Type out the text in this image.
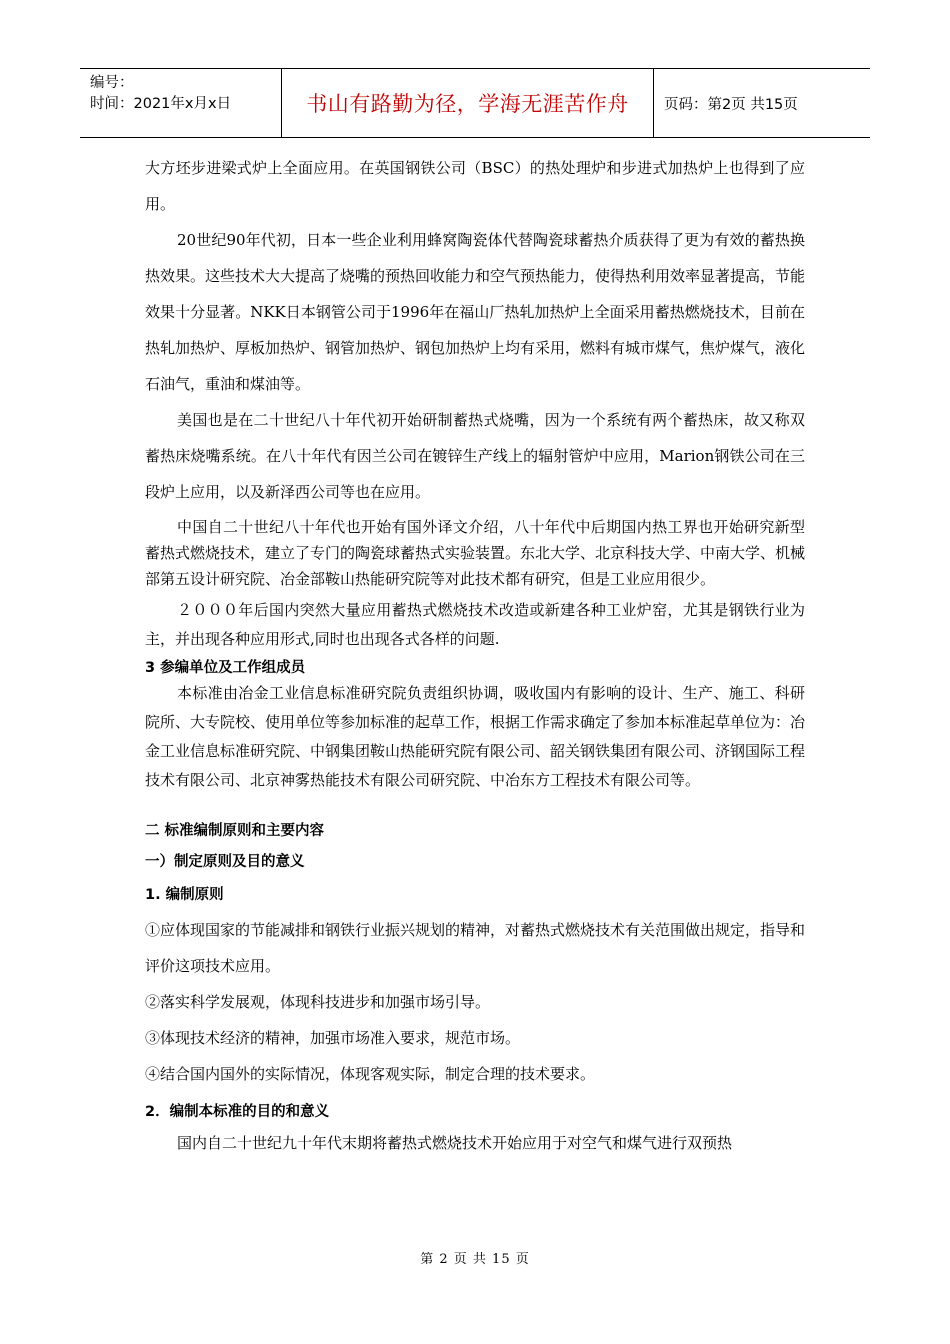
编号：
时间：2021年x月x日	书山有路勤为径，学海无涯苦作舟	页码：第2页 共15页

大方坯步进梁式炉上全面应用。在英国钢铁公司（BSC）的热处理炉和步进式加热炉上也得到了应用。

20世纪90年代初，日本一些企业利用蜂窝陶瓷体代替陶瓷球蓄热介质获得了更为有效的蓄热换热效果。这些技术大大提高了烧嘴的预热回收能力和空气预热能力，使得热利用效率显著提高，节能效果十分显著。NKK日本钢管公司于1996年在福山厂热轧加热炉上全面采用蓄热燃烧技术，目前在热轧加热炉、厚板加热炉、钢管加热炉、钢包加热炉上均有采用，燃料有城市煤气，焦炉煤气，液化石油气，重油和煤油等。

美国也是在二十世纪八十年代初开始研制蓄热式烧嘴，因为一个系统有两个蓄热床，故又称双蓄热床烧嘴系统。在八十年代有因兰公司在镀锌生产线上的辐射管炉中应用，Marion钢铁公司在三段炉上应用，以及新泽西公司等也在应用。

中国自二十世纪八十年代也开始有国外译文介绍，八十年代中后期国内热工界也开始研究新型蓄热式燃烧技术，建立了专门的陶瓷球蓄热式实验装置。东北大学、北京科技大学、中南大学、机械部第五设计研究院、冶金部鞍山热能研究院等对此技术都有研究，但是工业应用很少。

２０００年后国内突然大量应用蓄热式燃烧技术改造或新建各种工业炉窑，尤其是钢铁行业为主，并出现各种应用形式,同时也出现各式各样的问题.

3 参编单位及工作组成员

本标准由冶金工业信息标准研究院负责组织协调，吸收国内有影响的设计、生产、施工、科研院所、大专院校、使用单位等参加标准的起草工作，根据工作需求确定了参加本标准起草单位为：冶金工业信息标准研究院、中钢集团鞍山热能研究院有限公司、韶关钢铁集团有限公司、济钢国际工程技术有限公司、北京神雾热能技术有限公司研究院、中冶东方工程技术有限公司等。

二 标准编制原则和主要内容

一）制定原则及目的意义

1. 编制原则

①应体现国家的节能减排和钢铁行业振兴规划的精神，对蓄热式燃烧技术有关范围做出规定，指导和评价这项技术应用。

②落实科学发展观，体现科技进步和加强市场引导。

③体现技术经济的精神，加强市场准入要求，规范市场。

④结合国内国外的实际情况，体现客观实际，制定合理的技术要求。

2．编制本标准的目的和意义

国内自二十世纪九十年代末期将蓄热式燃烧技术开始应用于对空气和煤气进行双预热

第 2 页 共 15 页
